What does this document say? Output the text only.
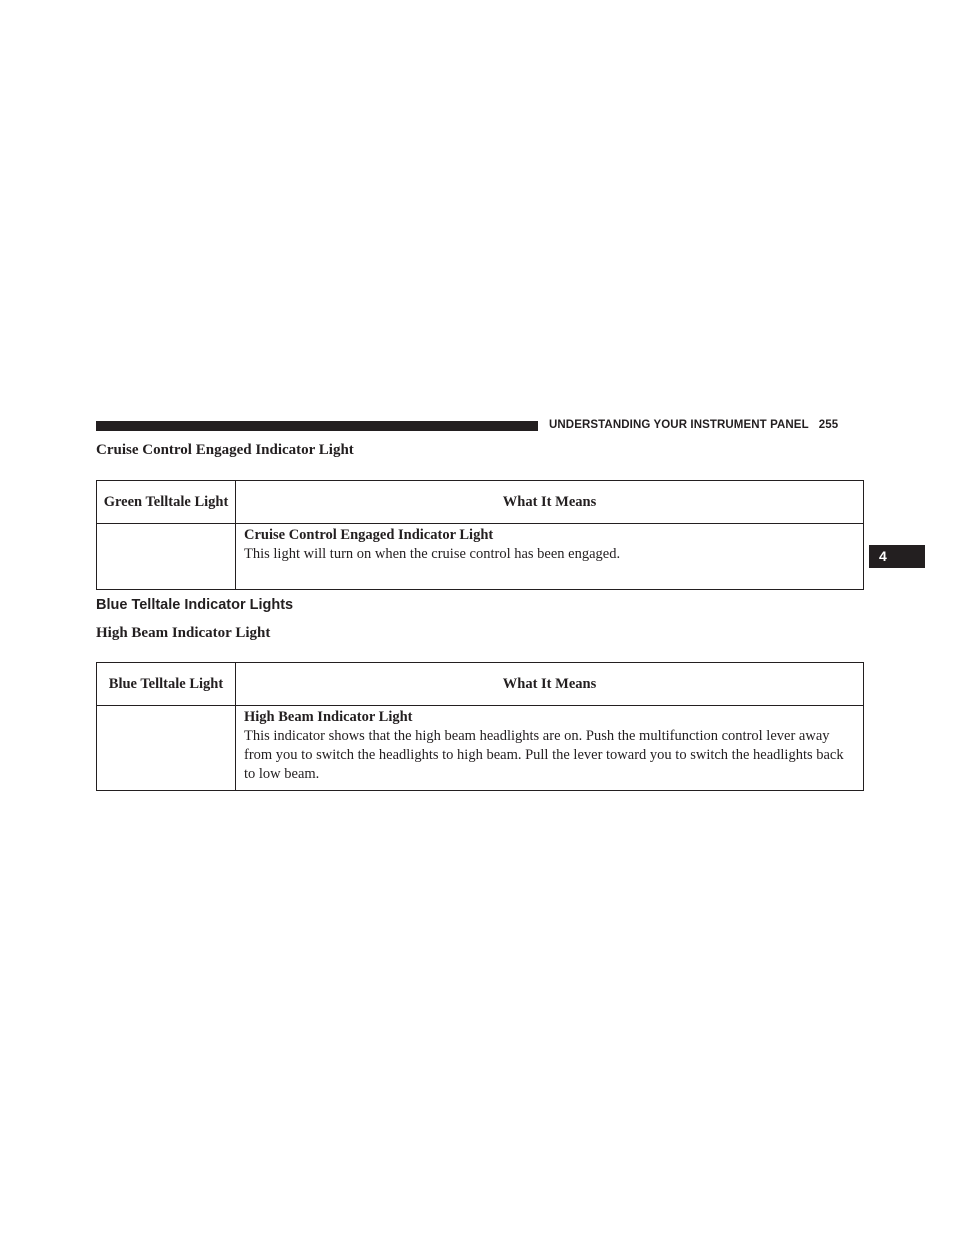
UNDERSTANDING YOUR INSTRUMENT PANEL 255
4
Cruise Control Engaged Indicator Light
Green Telltale Light	What It Means

	Cruise Control Engaged Indicator Light
This light will turn on when the cruise control has been engaged.
Blue Telltale Indicator Lights
High Beam Indicator Light
Blue Telltale Light	What It Means

	High Beam Indicator Light
This indicator shows that the high beam headlights are on. Push the multifunction control lever away from you to switch the headlights to high beam. Pull the lever toward you to switch the headlights back to low beam.
